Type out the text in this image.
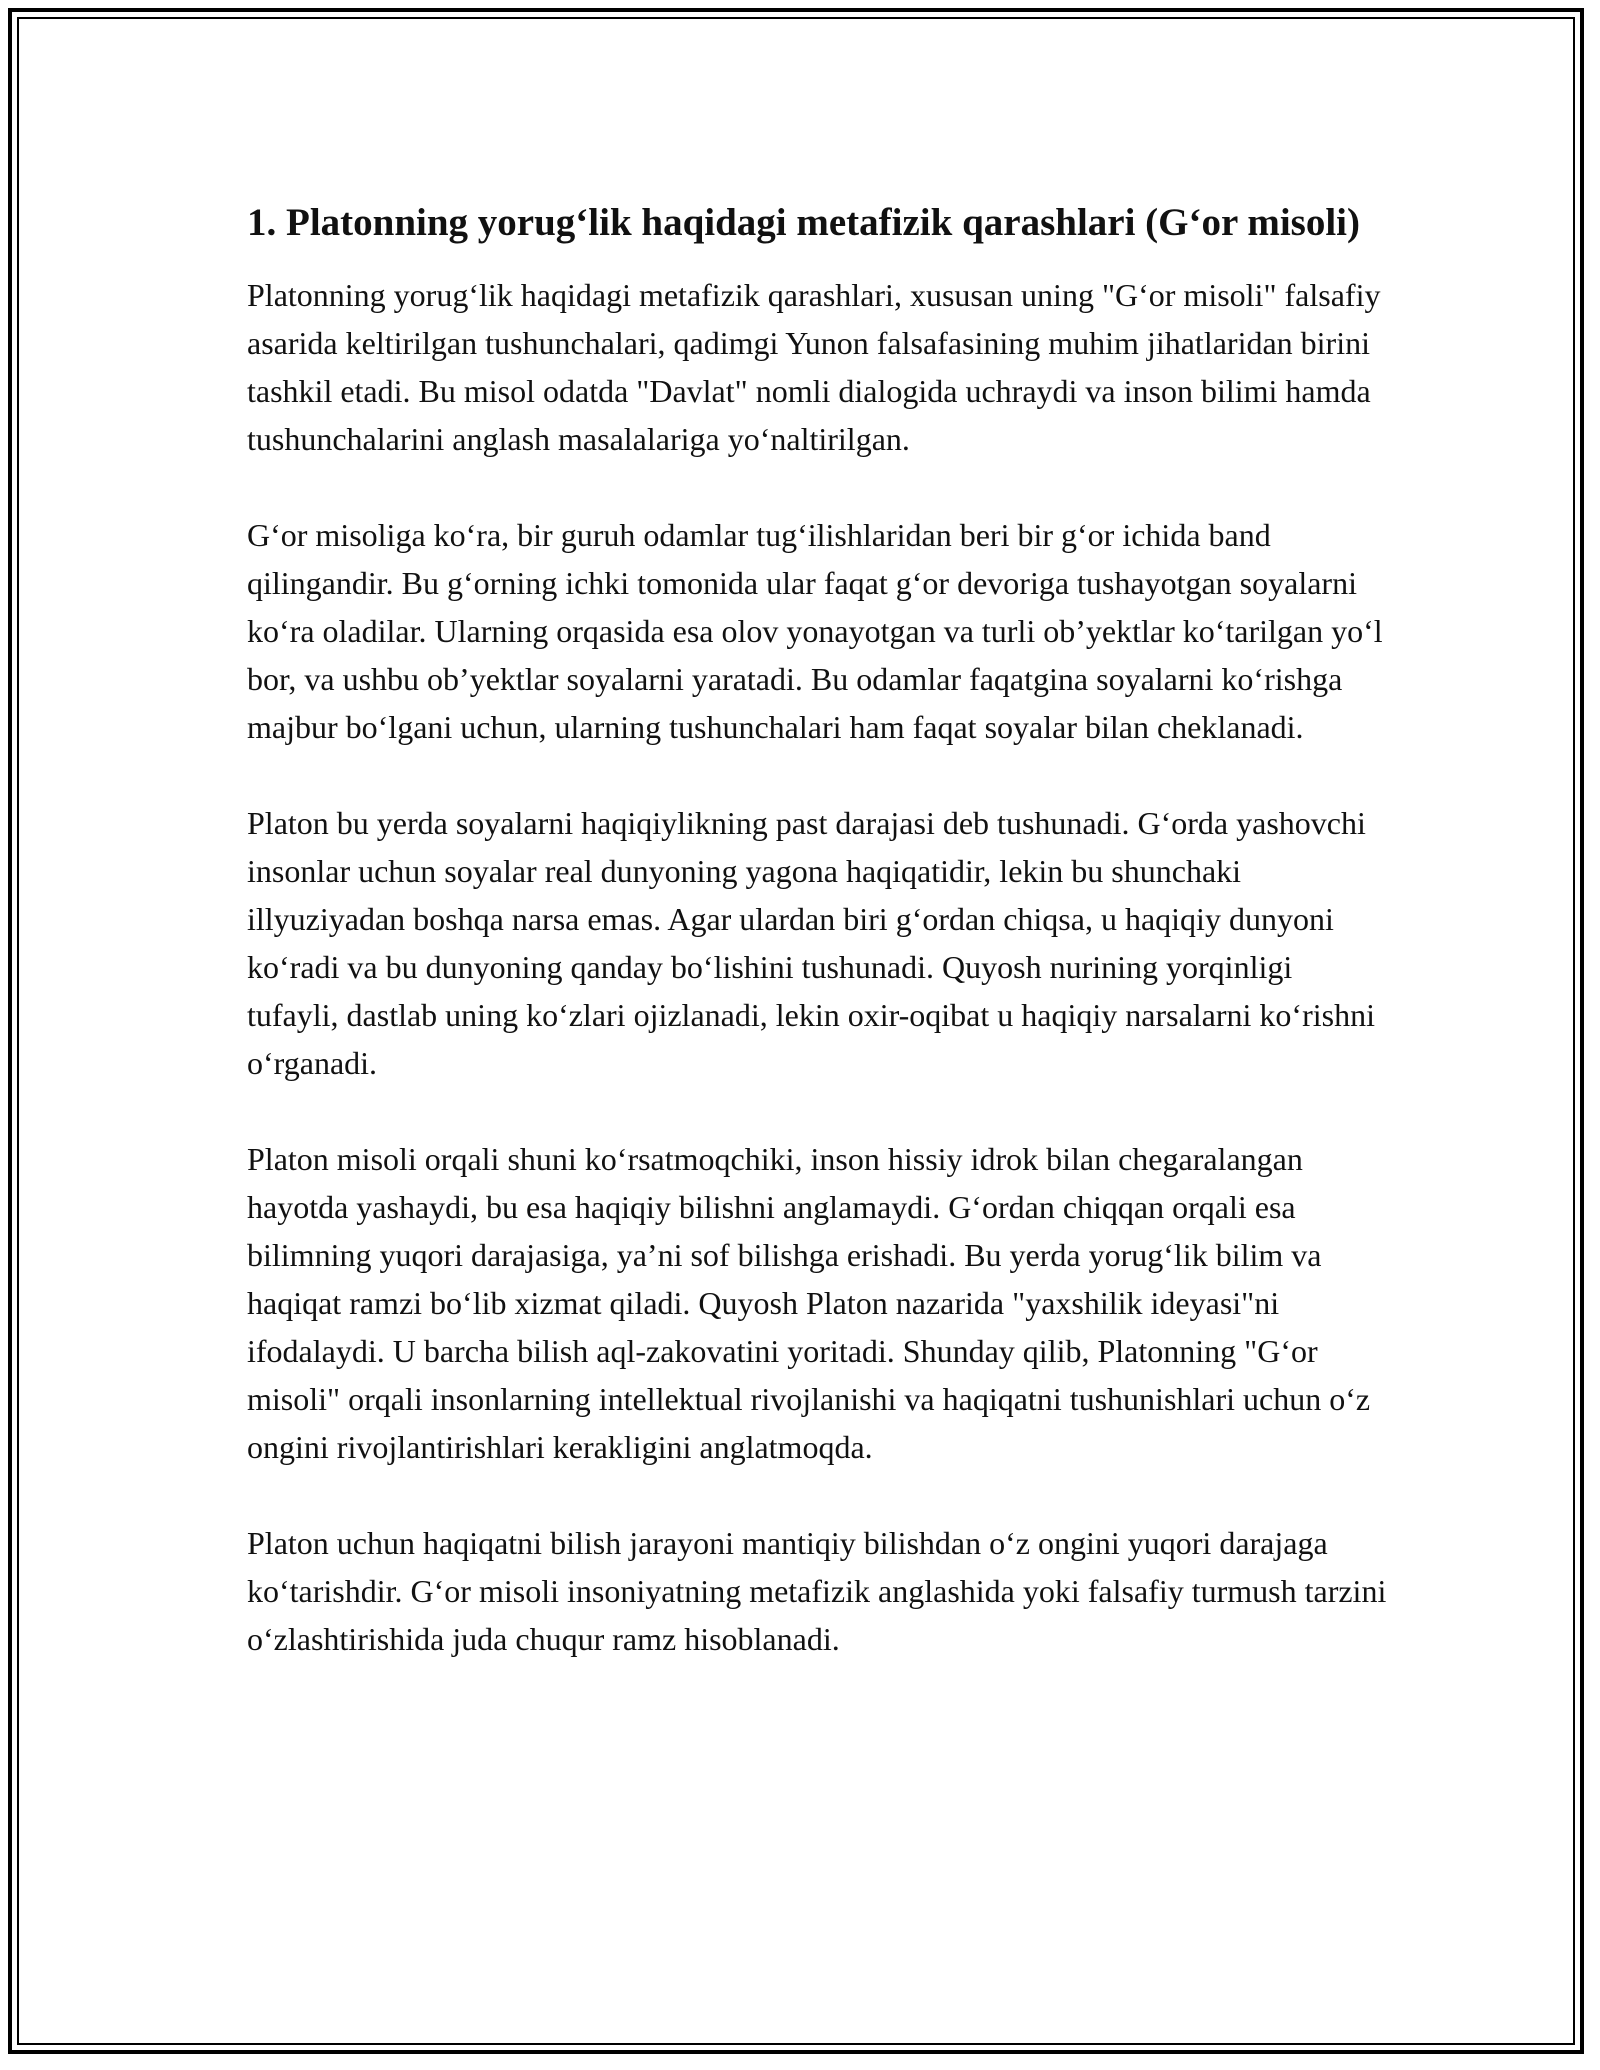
1. Platonning yorug‘lik haqidagi metafizik qarashlari (G‘or misoli)

Platonning yorug‘lik haqidagi metafizik qarashlari, xususan uning "G‘or misoli" falsafiy asarida keltirilgan tushunchalari, qadimgi Yunon falsafasining muhim jihatlaridan birini tashkil etadi. Bu misol odatda "Davlat" nomli dialogida uchraydi va inson bilimi hamda tushunchalarini anglash masalalariga yo‘naltirilgan.

G‘or misoliga ko‘ra, bir guruh odamlar tug‘ilishlaridan beri bir g‘or ichida band qilingandir. Bu g‘orning ichki tomonida ular faqat g‘or devoriga tushayotgan soyalarni ko‘ra oladilar. Ularning orqasida esa olov yonayotgan va turli ob’yektlar ko‘tarilgan yo‘l bor, va ushbu ob’yektlar soyalarni yaratadi. Bu odamlar faqatgina soyalarni ko‘rishga majbur bo‘lgani uchun, ularning tushunchalari ham faqat soyalar bilan cheklanadi.

Platon bu yerda soyalarni haqiqiylikning past darajasi deb tushunadi. G‘orda yashovchi insonlar uchun soyalar real dunyoning yagona haqiqatidir, lekin bu shunchaki illyuziyadan boshqa narsa emas. Agar ulardan biri g‘ordan chiqsa, u haqiqiy dunyoni ko‘radi va bu dunyoning qanday bo‘lishini tushunadi. Quyosh nurining yorqinligi tufayli, dastlab uning ko‘zlari ojizlanadi, lekin oxir-oqibat u haqiqiy narsalarni ko‘rishni o‘rganadi.

Platon misoli orqali shuni ko‘rsatmoqchiki, inson hissiy idrok bilan chegaralangan hayotda yashaydi, bu esa haqiqiy bilishni anglamaydi. G‘ordan chiqqan orqali esa bilimning yuqori darajasiga, ya’ni sof bilishga erishadi. Bu yerda yorug‘lik bilim va haqiqat ramzi bo‘lib xizmat qiladi. Quyosh Platon nazarida "yaxshilik ideyasi"ni ifodalaydi. U barcha bilish aql-zakovatini yoritadi. Shunday qilib, Platonning "G‘or misoli" orqali insonlarning intellektual rivojlanishi va haqiqatni tushunishlari uchun o‘z ongini rivojlantirishlari kerakligini anglatmoqda.

Platon uchun haqiqatni bilish jarayoni mantiqiy bilishdan o‘z ongini yuqori darajaga ko‘tarishdir. G‘or misoli insoniyatning metafizik anglashida yoki falsafiy turmush tarzini o‘zlashtirishida juda chuqur ramz hisoblanadi.
